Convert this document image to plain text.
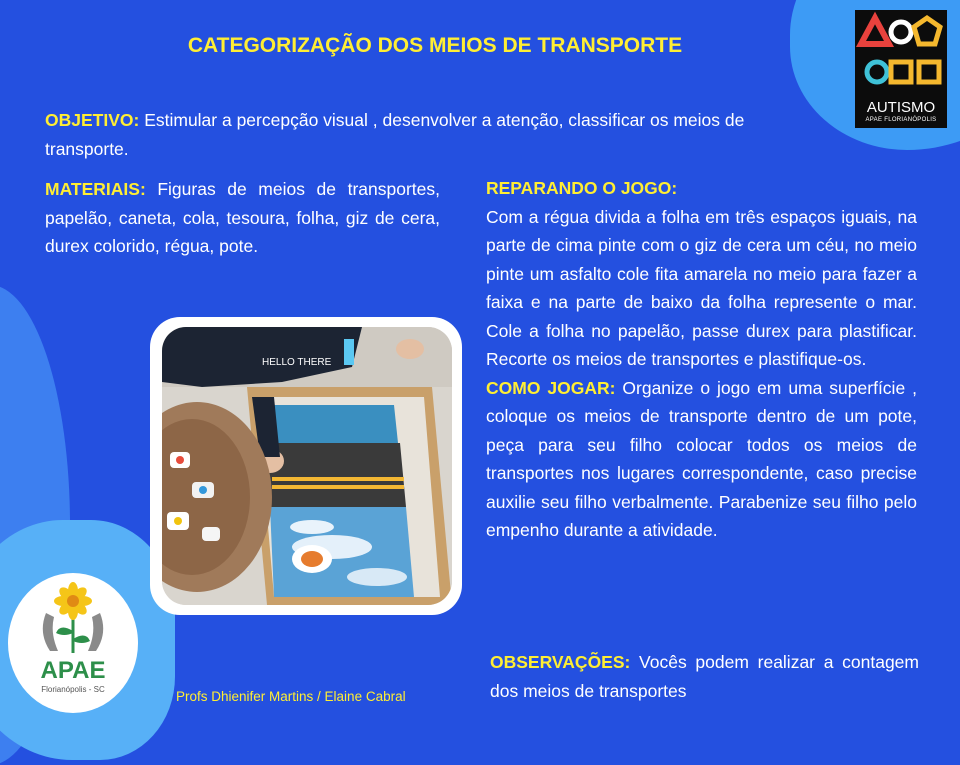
CATEGORIZAÇÃO DOS MEIOS DE TRANSPORTE
OBJETIVO: Estimular a percepção visual , desenvolver a atenção, classificar os meios de transporte.
MATERIAIS: Figuras de meios de transportes, papelão, caneta, cola, tesoura, folha, giz de cera, durex colorido, régua, pote.
REPARANDO O JOGO:
Com a régua divida a folha em três espaços iguais, na parte de cima pinte com o giz de cera um céu, no meio pinte um asfalto cole fita amarela no meio para fazer a faixa e na parte de baixo da folha represente o mar. Cole a folha no papelão, passe durex para plastificar. Recorte os meios de transportes e plastifique-os.
COMO JOGAR: Organize o jogo em uma superfície , coloque os meios de transporte dentro de um pote, peça para seu filho colocar todos os meios de transportes nos lugares correspondente, caso precise auxilie seu filho verbalmente. Parabenize seu filho pelo empenho durante a atividade.
OBSERVAÇÕES: Vocês podem realizar a contagem dos meios de transportes
Profs Dhienifer Martins / Elaine Cabral
HELLO THERE
AUTISMO
APAE FLORIANÓPOLIS
APAE
Florianópolis - SC
